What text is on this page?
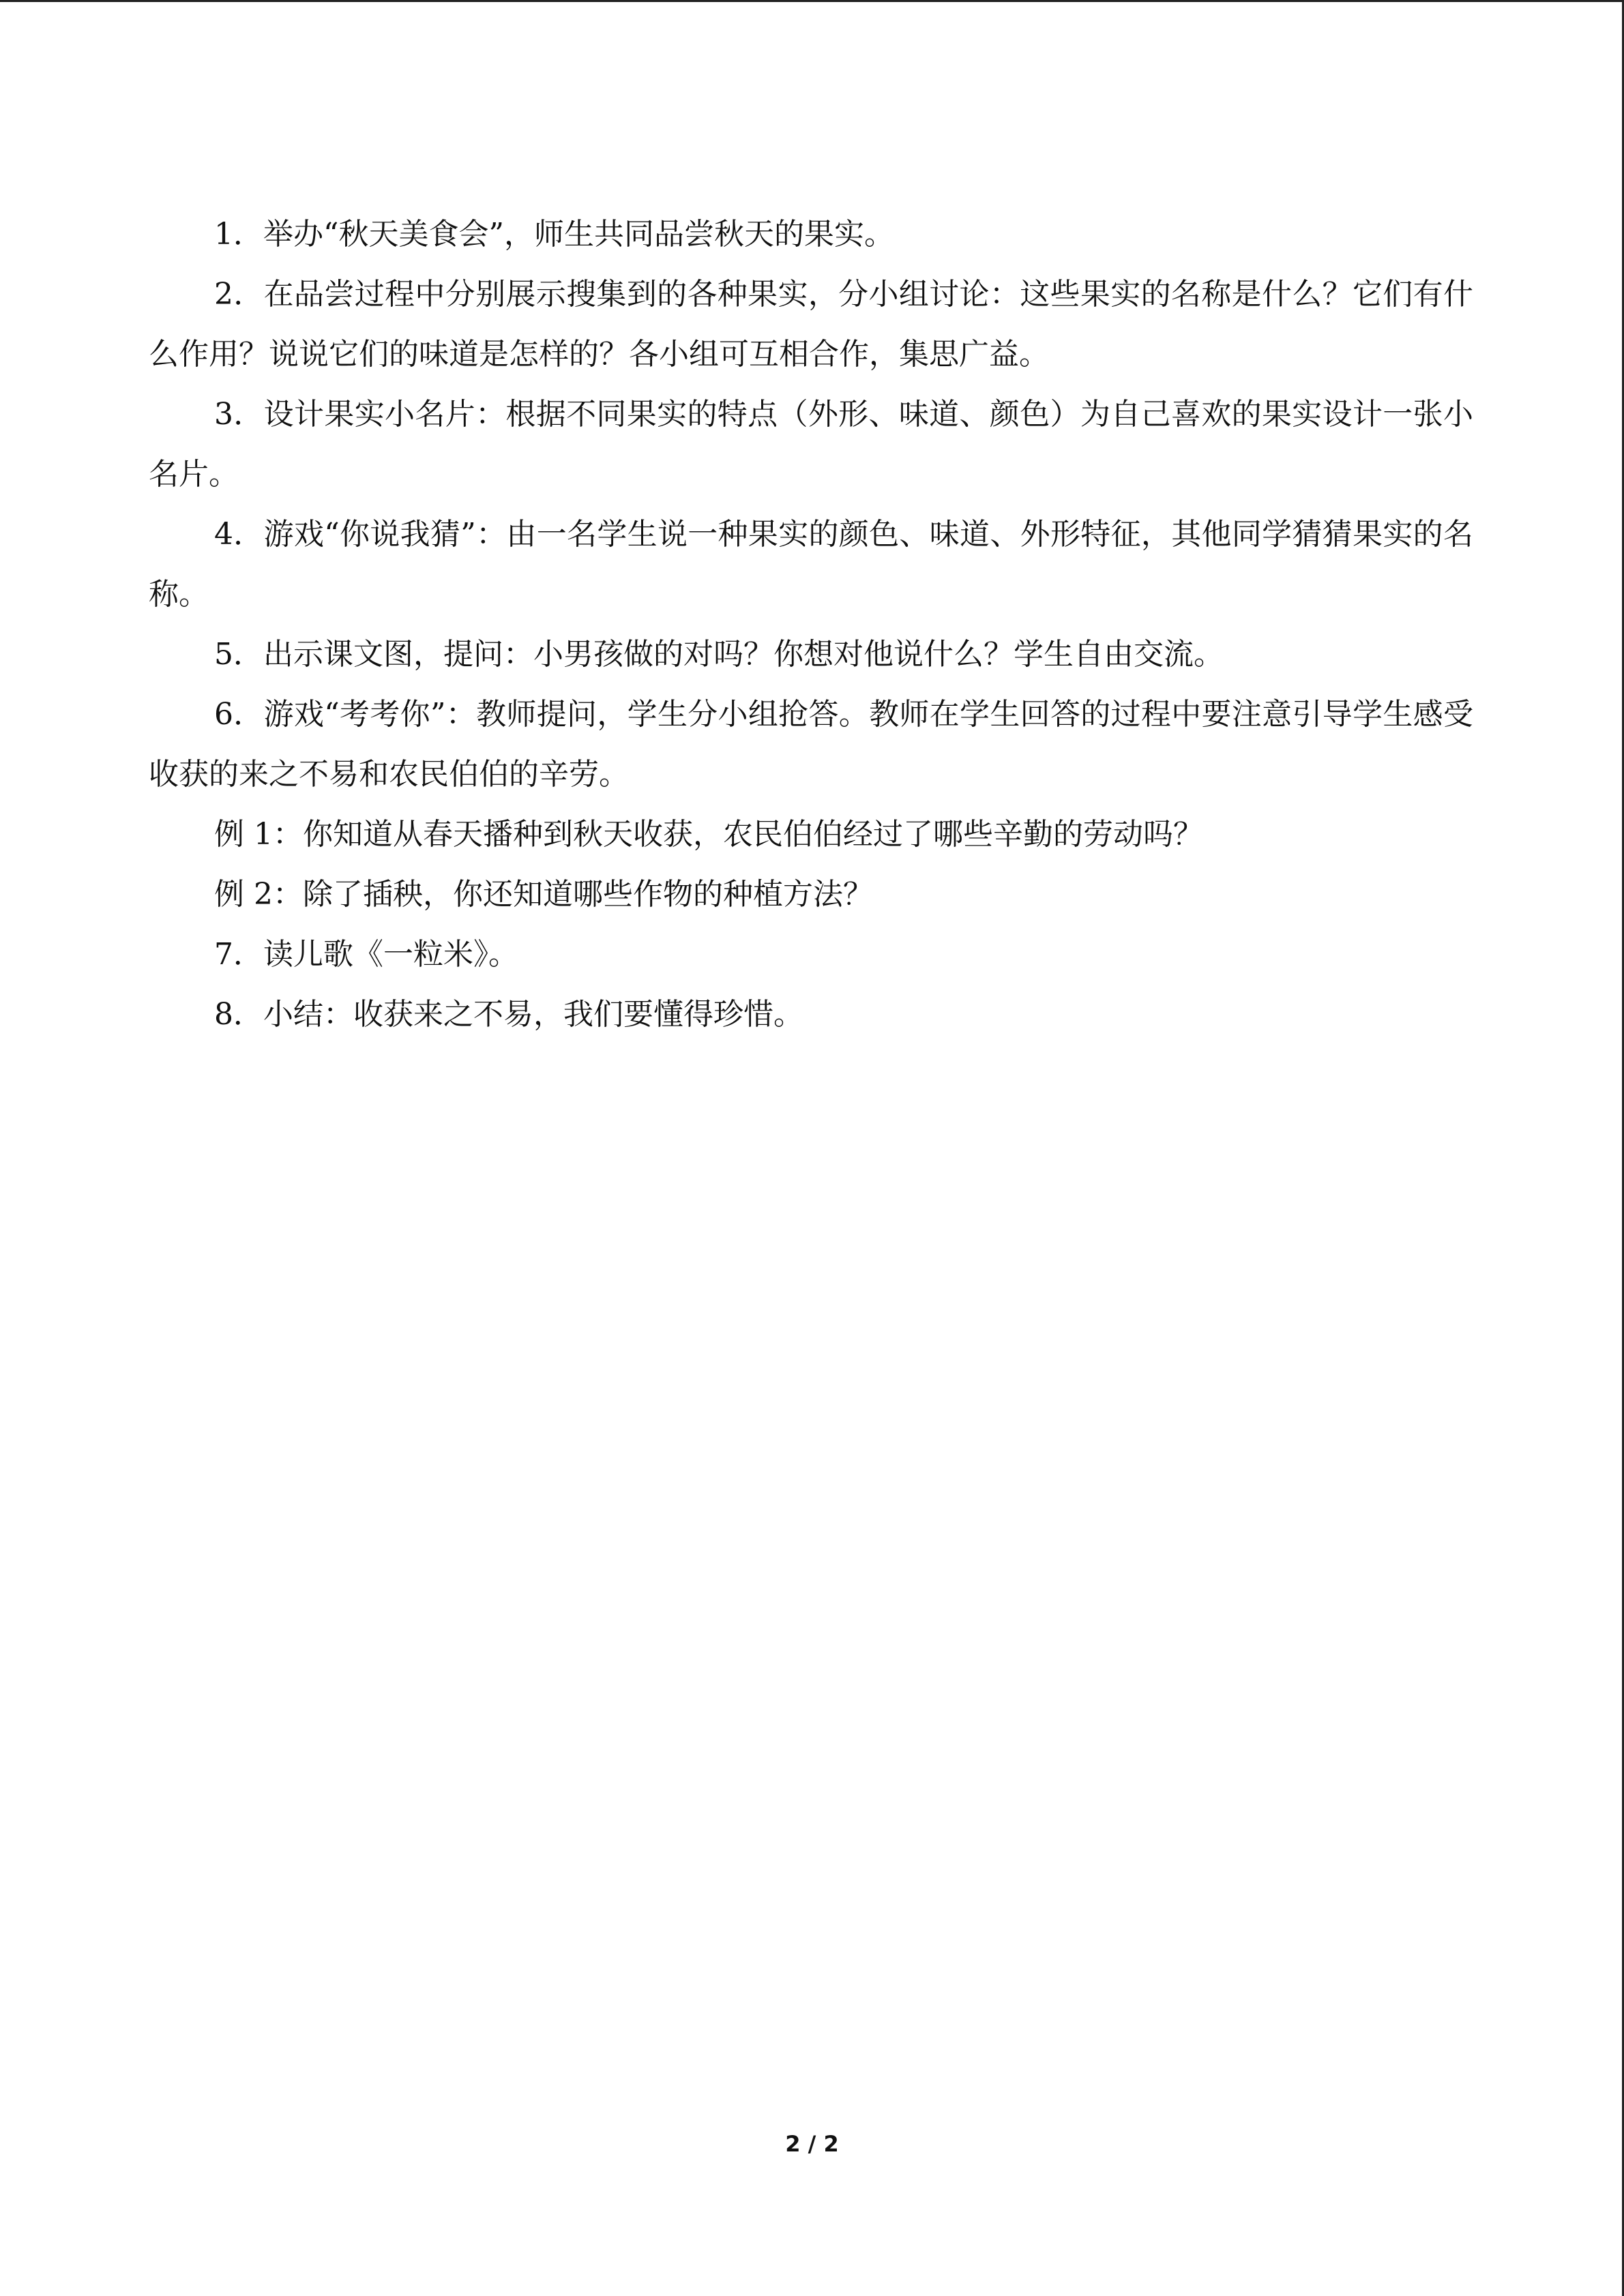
1．举办“秋天美食会”，师生共同品尝秋天的果实。

2．在品尝过程中分别展示搜集到的各种果实，分小组讨论：这些果实的名称是什么？它们有什么作用？说说它们的味道是怎样的？各小组可互相合作，集思广益。

3．设计果实小名片：根据不同果实的特点（外形、味道、颜色）为自己喜欢的果实设计一张小名片。

4．游戏“你说我猜”：由一名学生说一种果实的颜色、味道、外形特征，其他同学猜猜果实的名称。

5．出示课文图，提问：小男孩做的对吗？你想对他说什么？学生自由交流。

6．游戏“考考你”：教师提问，学生分小组抢答。教师在学生回答的过程中要注意引导学生感受收获的来之不易和农民伯伯的辛劳。

例 1：你知道从春天播种到秋天收获，农民伯伯经过了哪些辛勤的劳动吗？

例 2：除了插秧，你还知道哪些作物的种植方法？

7．读儿歌《一粒米》。

8．小结：收获来之不易，我们要懂得珍惜。

2 / 2
